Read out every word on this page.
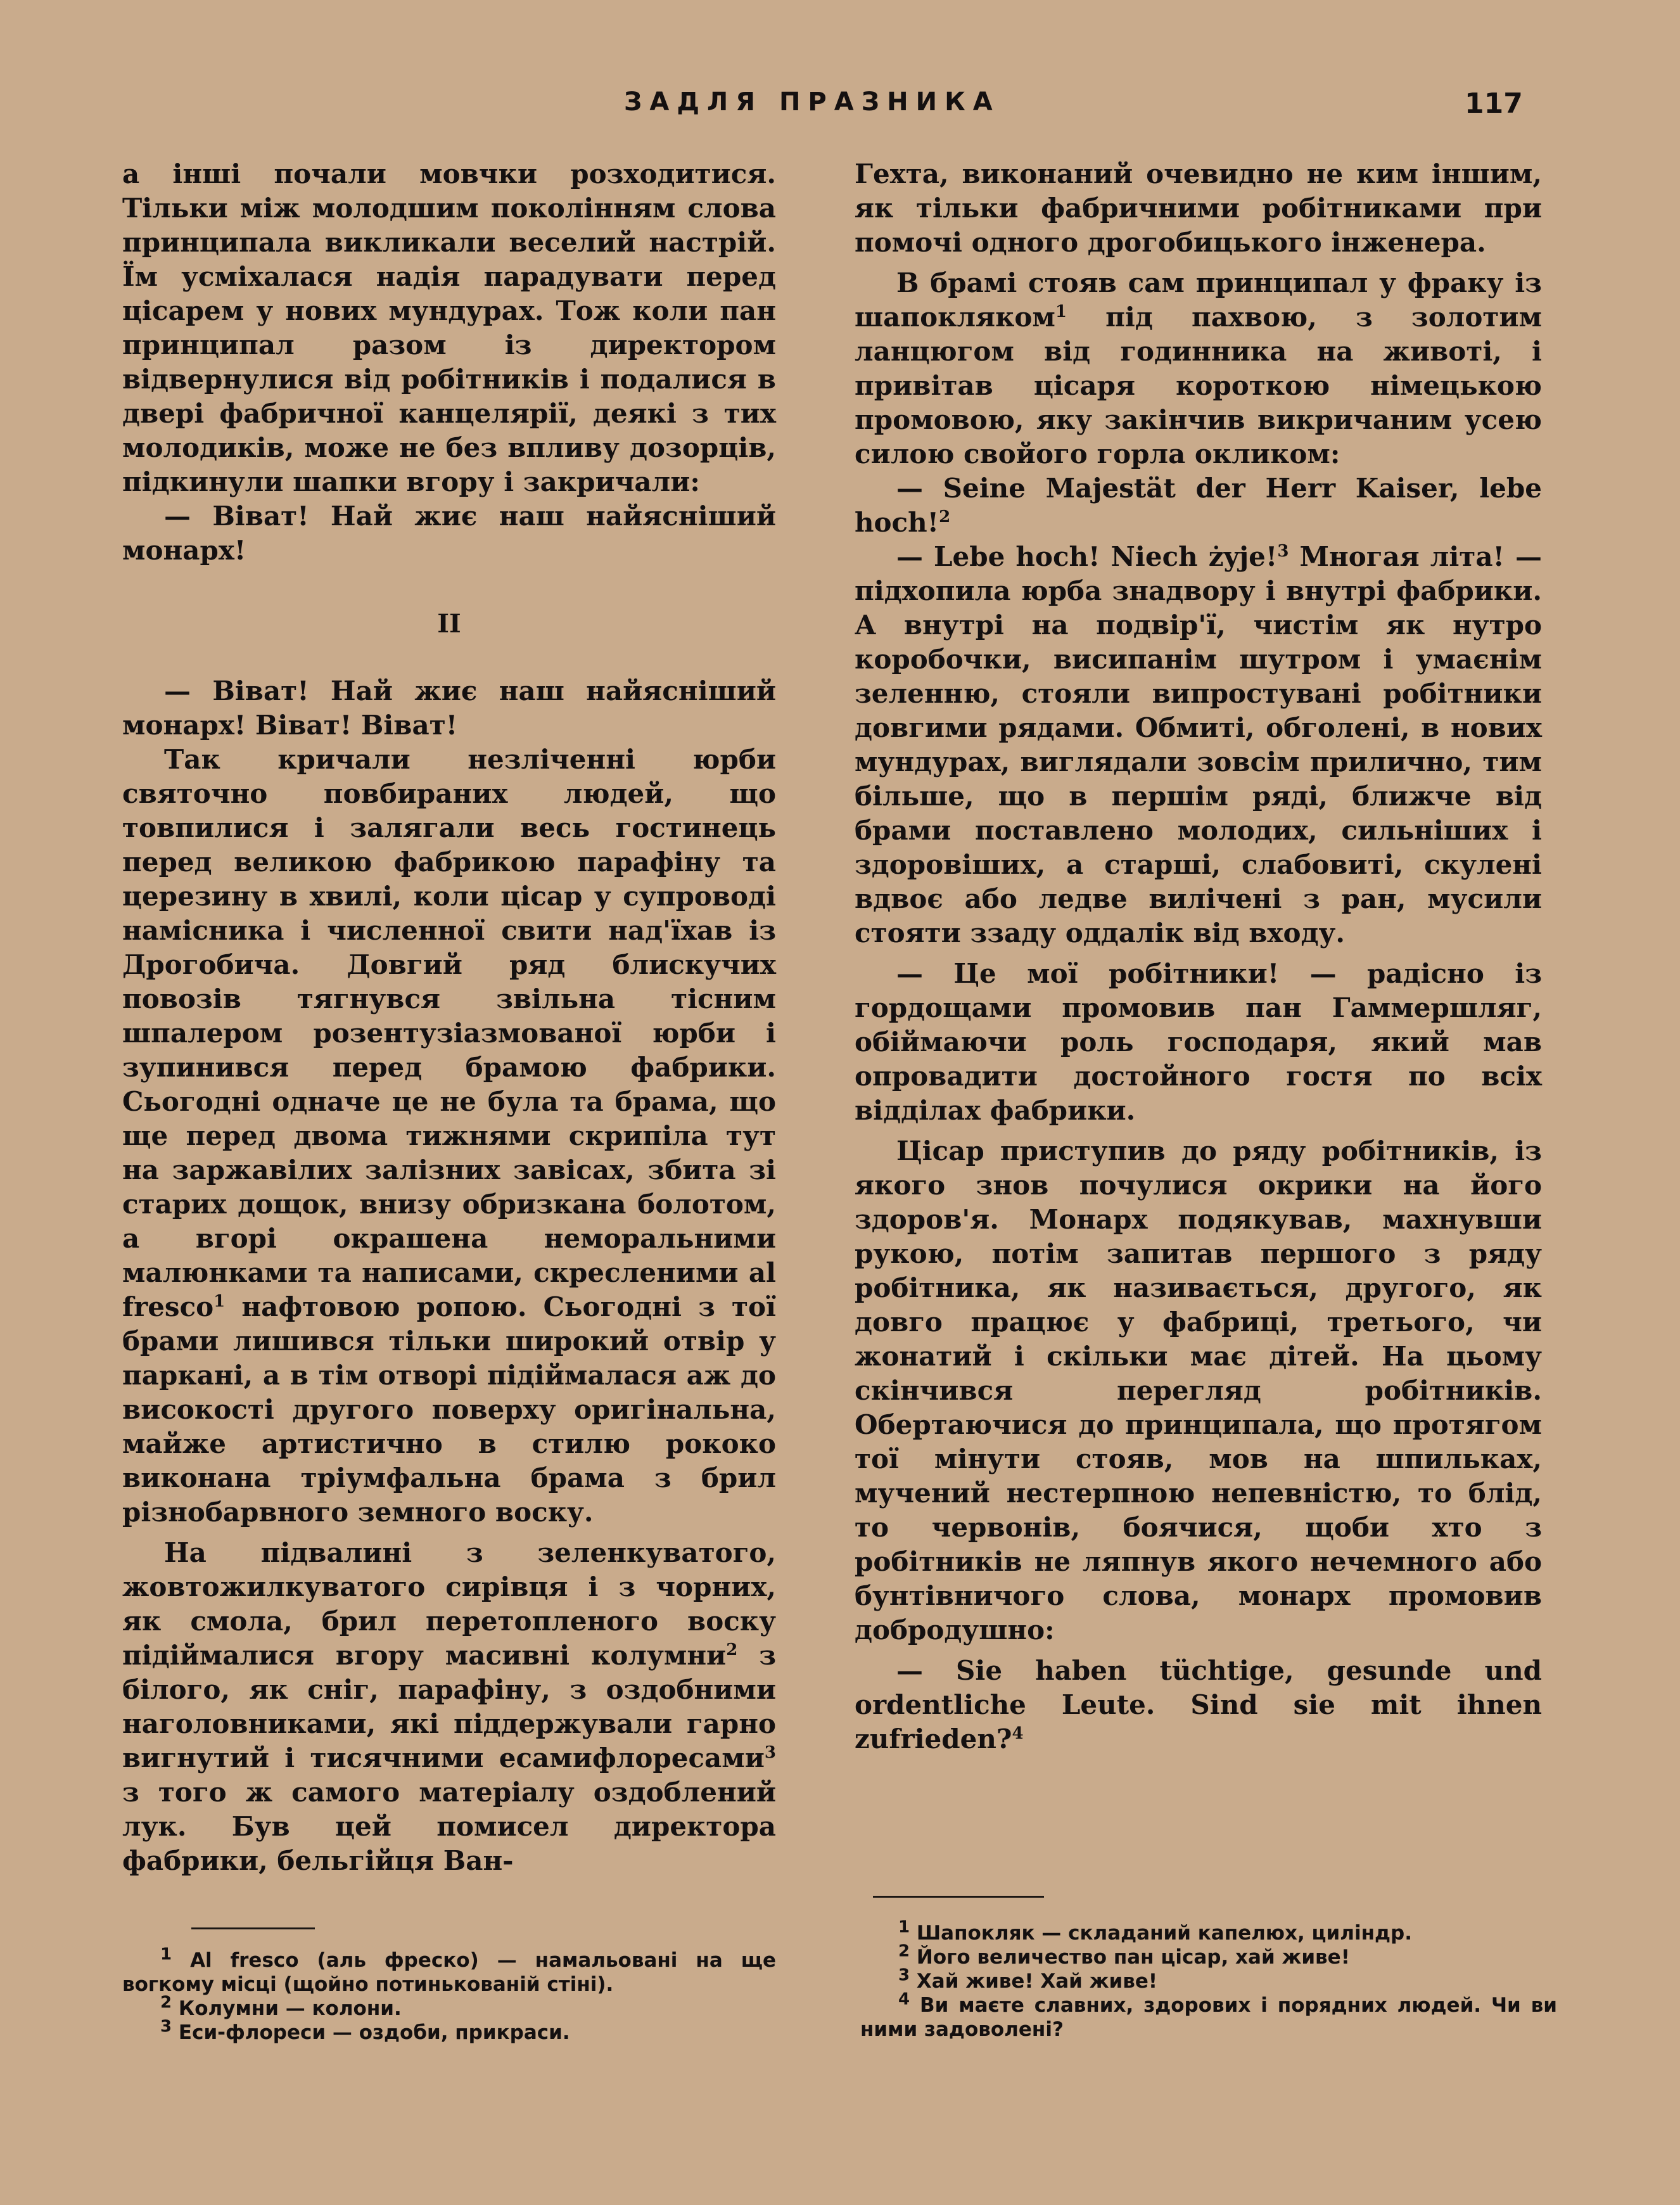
ЗАДЛЯ ПРАЗНИКА	117

а інші почали мовчки розходитися. Тільки між молодшим поколінням слова принципала викликали веселий настрій. Їм усміхалася надія парадувати перед цісарем у нових мундурах. Тож коли пан принципал разом із директором відвернулися від робітників і подалися в двері фабричної канцелярії, деякі з тих молодиків, може не без впливу дозорців, підкинули шапки вгору і закричали:

— Віват! Най жиє наш найясніший монарх!

II

— Віват! Най жиє наш найясніший монарх! Віват! Віват!

Так кричали незліченні юрби святочно повбираних людей, що товпилися і залягали весь гостинець перед великою фабрикою парафіну та церезину в хвилі, коли цісар у супроводі намісника і численної свити над'їхав із Дрогобича. Довгий ряд блискучих повозів тягнувся звільна тісним шпалером розентузіазмованої юрби і зупинився перед брамою фабрики. Сьогодні одначе це не була та брама, що ще перед двома тижнями скрипіла тут на заржавілих залізних завісах, збита зі старих дощок, внизу обризкана болотом, а вгорі окрашена неморальними малюнками та написами, скресленими al fresco$^1$ нафтовою ропою. Сьогодні з тої брами лишився тільки широкий отвір у паркані, а в тім отворі підіймалася аж до високості другого поверху оригінальна, майже артистично в стилю рококо виконана тріумфальна брама з брил різнобарвного земного воску.

На підвалині з зеленкуватого, жовтожилкуватого сирівця і з чорних, як смола, брил перетопленого воску підіймалися вгору масивні колумни$^2$ з білого, як сніг, парафіну, з оздобними наголовниками, які піддержували гарно вигнутий і тисячними есамифлоресами$^3$ з того ж самого матеріалу оздоблений лук. Був цей помисел директора фабрики, бельгійця Ван-

Гехта, виконаний очевидно не ким іншим, як тільки фабричними робітниками при помочі одного дрогобицького інженера.

В брамі стояв сам принципал у фраку із шапокляком$^1$ під пахвою, з золотим ланцюгом від годинника на животі, і привітав цісаря короткою німецькою промовою, яку закінчив викричаним усею силою свойого горла окликом:

— Seine Majestät der Herr Kaiser, lebe hoch!$^2$

— Lebe hoch! Niech żyje!$^3$ Многая літа! — підхопила юрба знадвору і внутрі фабрики. А внутрі на подвір'ї, чистім як нутро коробочки, висипанім шутром і умаєнім зеленню, стояли випростувані робітники довгими рядами. Обмиті, обголені, в нових мундурах, виглядали зовсім прилично, тим більше, що в першім ряді, ближче від брами поставлено молодих, сильніших і здоровіших, а старші, слабовиті, скулені вдвоє або ледве вилічені з ран, мусили стояти ззаду оддалік від входу.

— Це мої робітники! — радісно із гордощами промовив пан Гаммершляг, обіймаючи роль господаря, який мав опровадити достойного гостя по всіх відділах фабрики.

Цісар приступив до ряду робітників, із якого знов почулися окрики на його здоров'я. Монарх подякував, махнувши рукою, потім запитав першого з ряду робітника, як називається, другого, як довго працює у фабриці, третього, чи жонатий і скільки має дітей. На цьому скінчився перегляд робітників. Обертаючися до принципала, що протягом тої мінути стояв, мов на шпильках, мучений нестерпною непевністю, то блід, то червонів, боячися, щоби хто з робітників не ляпнув якого нечемного або бунтівничого слова, монарх промовив добродушно:

— Sie haben tüchtige, gesunde und ordentliche Leute. Sind sie mit ihnen zufrieden?$^4$

$^1$ Al fresco (аль фреско) — намальовані на ще вогкому місці (щойно потинькованій стіні).
$^2$ Колумни — колони.
$^3$ Еси-флореси — оздоби, прикраси.
$^1$ Шапокляк — складаний капелюх, циліндр.
$^2$ Його величество пан цісар, хай живе!
$^3$ Хай живе! Хай живе!
$^4$ Ви маєте славних, здорових і порядних людей. Чи ви ними задоволені?
